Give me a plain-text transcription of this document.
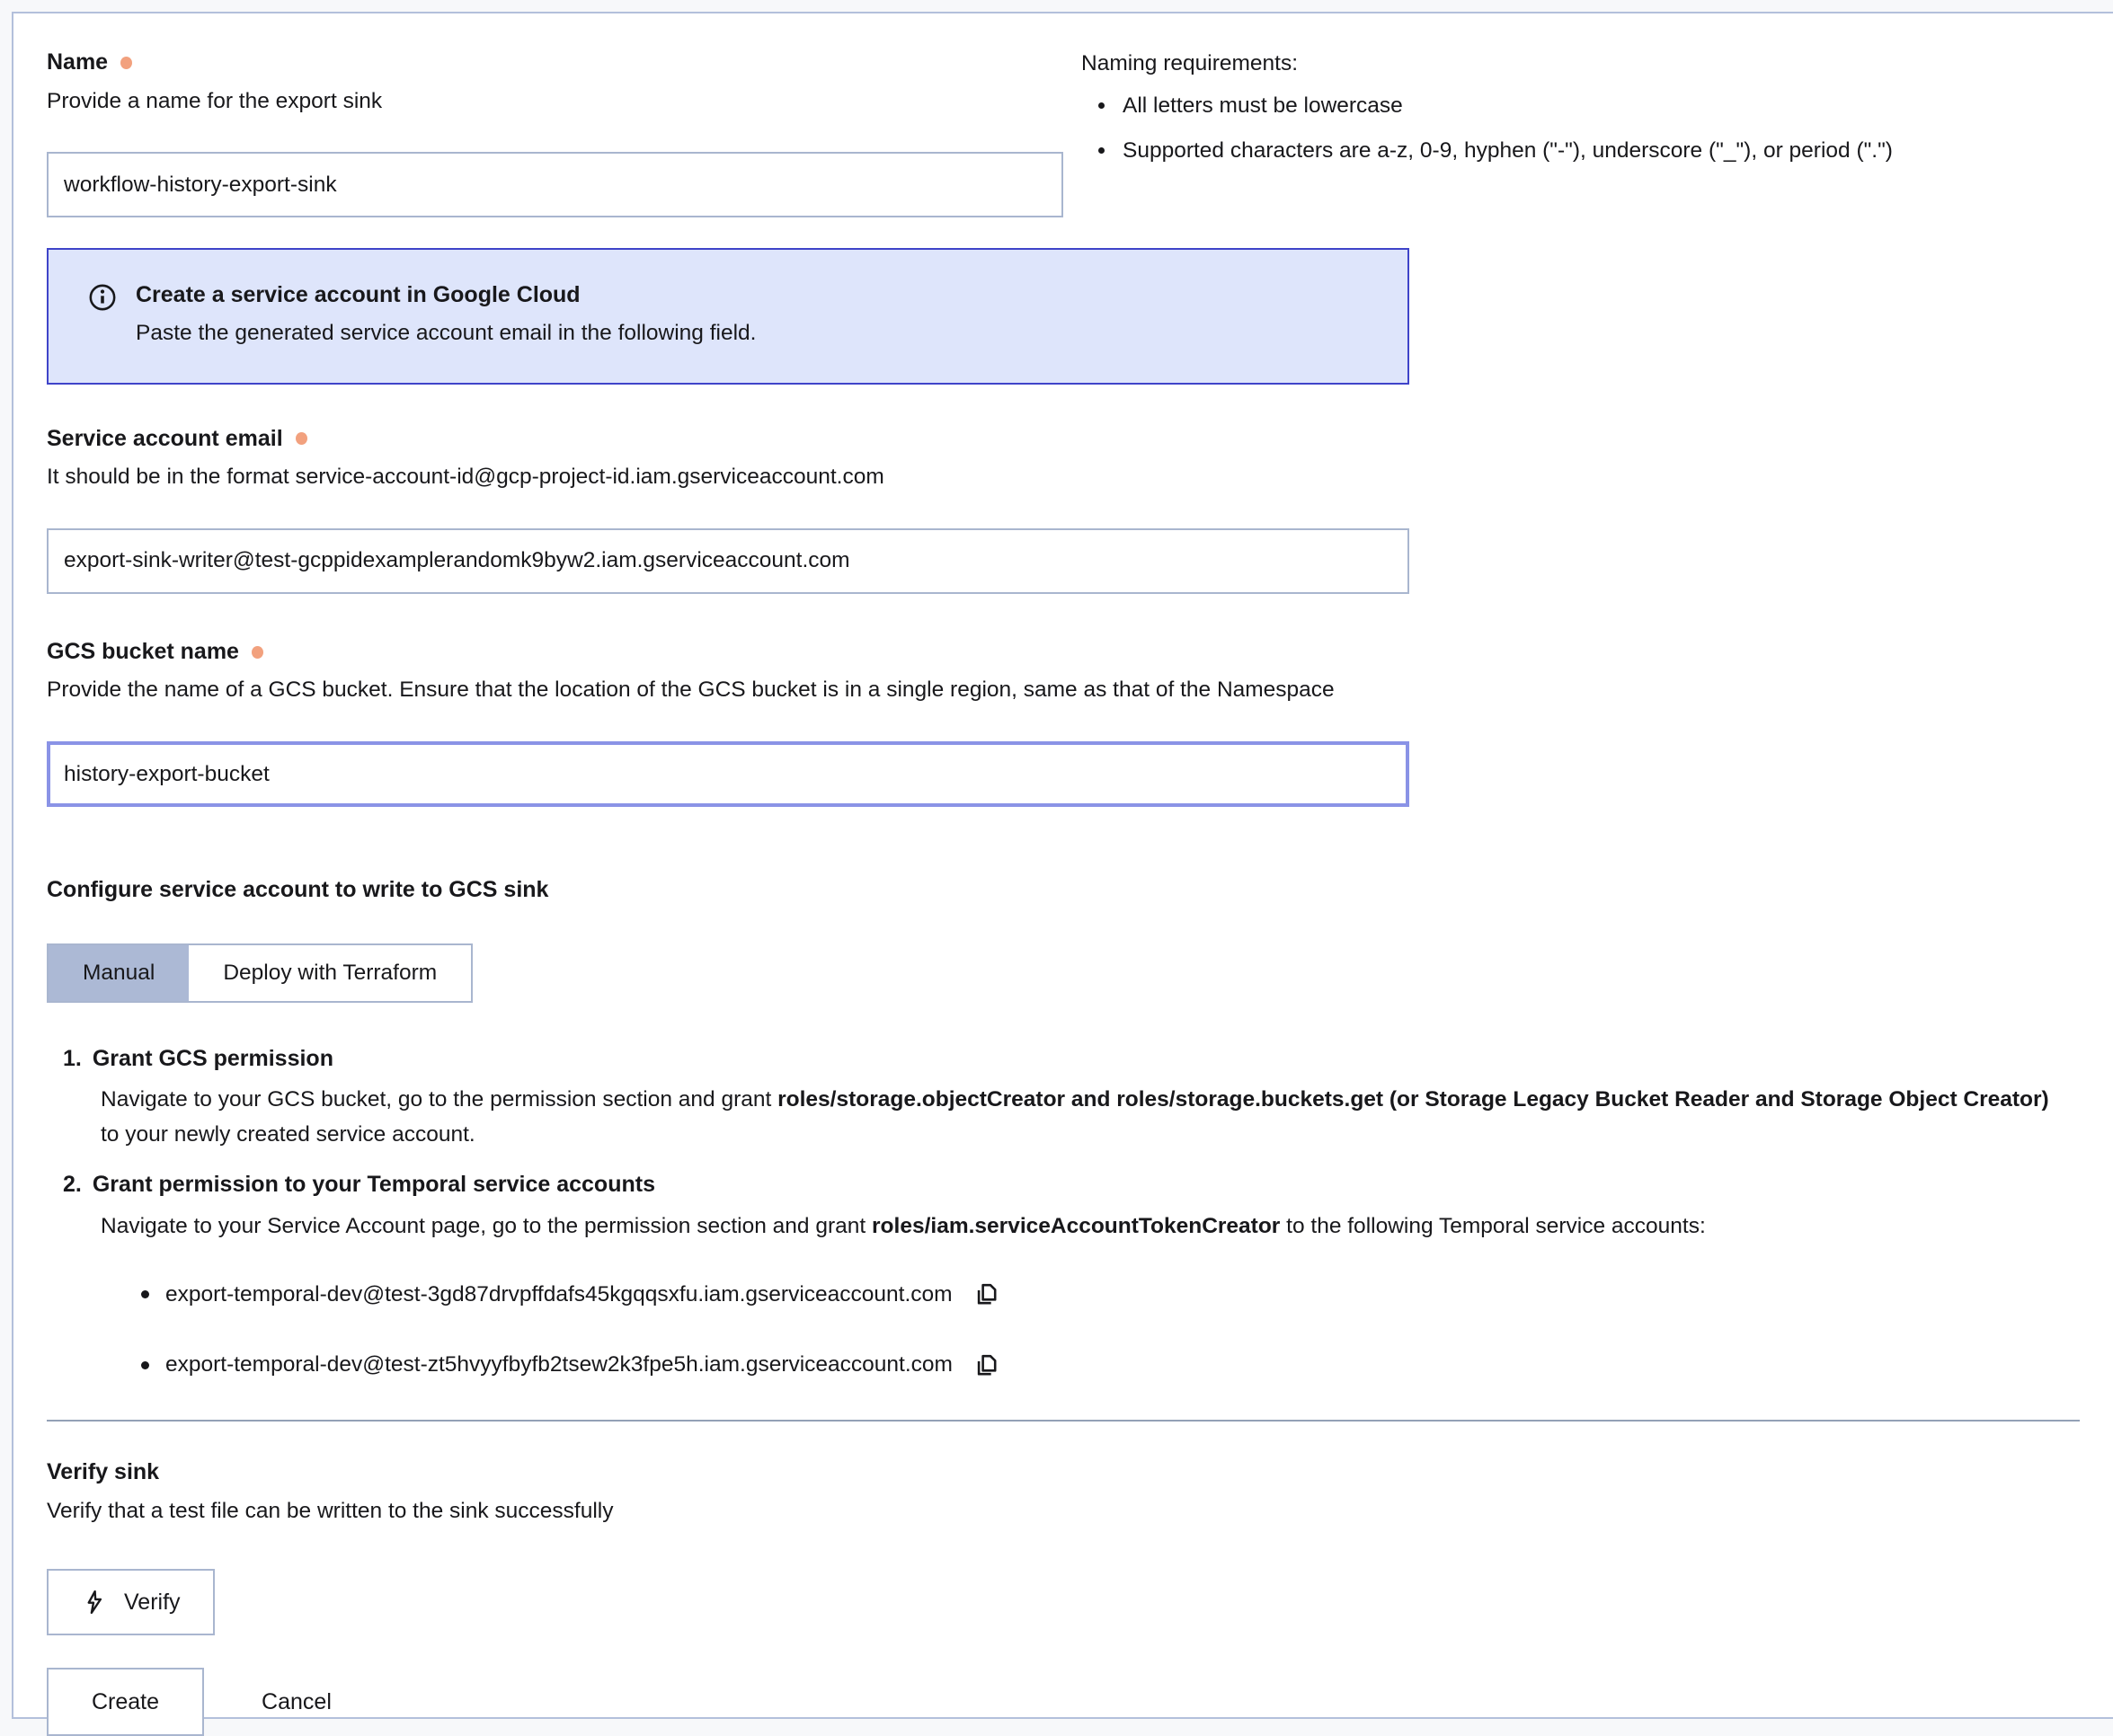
Name
Provide a name for the export sink
workflow-history-export-sink
Naming requirements:
• All letters must be lowercase
• Supported characters are a-z, 0-9, hyphen ("-"), underscore ("_"), or period (".")
Create a service account in Google Cloud
Paste the generated service account email in the following field.
Service account email
It should be in the format service-account-id@gcp-project-id.iam.gserviceaccount.com
export-sink-writer@test-gcppidexamplerandomk9byw2.iam.gserviceaccount.com
GCS bucket name
Provide the name of a GCS bucket. Ensure that the location of the GCS bucket is in a single region, same as that of the Namespace
history-export-bucket
Configure service account to write to GCS sink
Manual	Deploy with Terraform
1. Grant GCS permission
Navigate to your GCS bucket, go to the permission section and grant roles/storage.objectCreator and roles/storage.buckets.get (or Storage Legacy Bucket Reader and Storage Object Creator) to your newly created service account.
2. Grant permission to your Temporal service accounts
Navigate to your Service Account page, go to the permission section and grant roles/iam.serviceAccountTokenCreator to the following Temporal service accounts:
export-temporal-dev@test-3gd87drvpffdafs45kgqqsxfu.iam.gserviceaccount.com
export-temporal-dev@test-zt5hvyyfbyfb2tsew2k3fpe5h.iam.gserviceaccount.com
Verify sink
Verify that a test file can be written to the sink successfully
Verify
Create	Cancel
